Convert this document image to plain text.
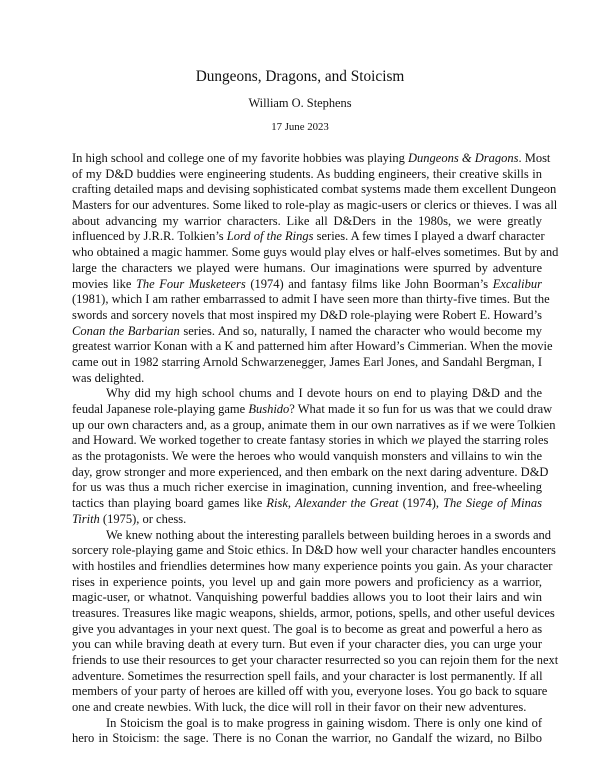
Dungeons, Dragons, and Stoicism
William O. Stephens
17 June 2023
In high school and college one of my favorite hobbies was playing Dungeons & Dragons. Most
of my D&D buddies were engineering students. As budding engineers, their creative skills in
crafting detailed maps and devising sophisticated combat systems made them excellent Dungeon
Masters for our adventures. Some liked to role-play as magic-users or clerics or thieves. I was all
about advancing my warrior characters. Like all D&Ders in the 1980s, we were greatly
influenced by J.R.R. Tolkien’s Lord of the Rings series. A few times I played a dwarf character
who obtained a magic hammer. Some guys would play elves or half-elves sometimes. But by and
large the characters we played were humans. Our imaginations were spurred by adventure
movies like The Four Musketeers (1974) and fantasy films like John Boorman’s Excalibur
(1981), which I am rather embarrassed to admit I have seen more than thirty-five times. But the
swords and sorcery novels that most inspired my D&D role-playing were Robert E. Howard’s
Conan the Barbarian series. And so, naturally, I named the character who would become my
greatest warrior Konan with a K and patterned him after Howard’s Cimmerian. When the movie
came out in 1982 starring Arnold Schwarzenegger, James Earl Jones, and Sandahl Bergman, I
was delighted.
Why did my high school chums and I devote hours on end to playing D&D and the
feudal Japanese role-playing game Bushido? What made it so fun for us was that we could draw
up our own characters and, as a group, animate them in our own narratives as if we were Tolkien
and Howard. We worked together to create fantasy stories in which we played the starring roles
as the protagonists. We were the heroes who would vanquish monsters and villains to win the
day, grow stronger and more experienced, and then embark on the next daring adventure. D&D
for us was thus a much richer exercise in imagination, cunning invention, and free-wheeling
tactics than playing board games like Risk, Alexander the Great (1974), The Siege of Minas
Tirith (1975), or chess.
We knew nothing about the interesting parallels between building heroes in a swords and
sorcery role-playing game and Stoic ethics. In D&D how well your character handles encounters
with hostiles and friendlies determines how many experience points you gain. As your character
rises in experience points, you level up and gain more powers and proficiency as a warrior,
magic-user, or whatnot. Vanquishing powerful baddies allows you to loot their lairs and win
treasures. Treasures like magic weapons, shields, armor, potions, spells, and other useful devices
give you advantages in your next quest. The goal is to become as great and powerful a hero as
you can while braving death at every turn. But even if your character dies, you can urge your
friends to use their resources to get your character resurrected so you can rejoin them for the next
adventure. Sometimes the resurrection spell fails, and your character is lost permanently. If all
members of your party of heroes are killed off with you, everyone loses. You go back to square
one and create newbies. With luck, the dice will roll in their favor on their new adventures.
In Stoicism the goal is to make progress in gaining wisdom. There is only one kind of
hero in Stoicism: the sage. There is no Conan the warrior, no Gandalf the wizard, no Bilbo
